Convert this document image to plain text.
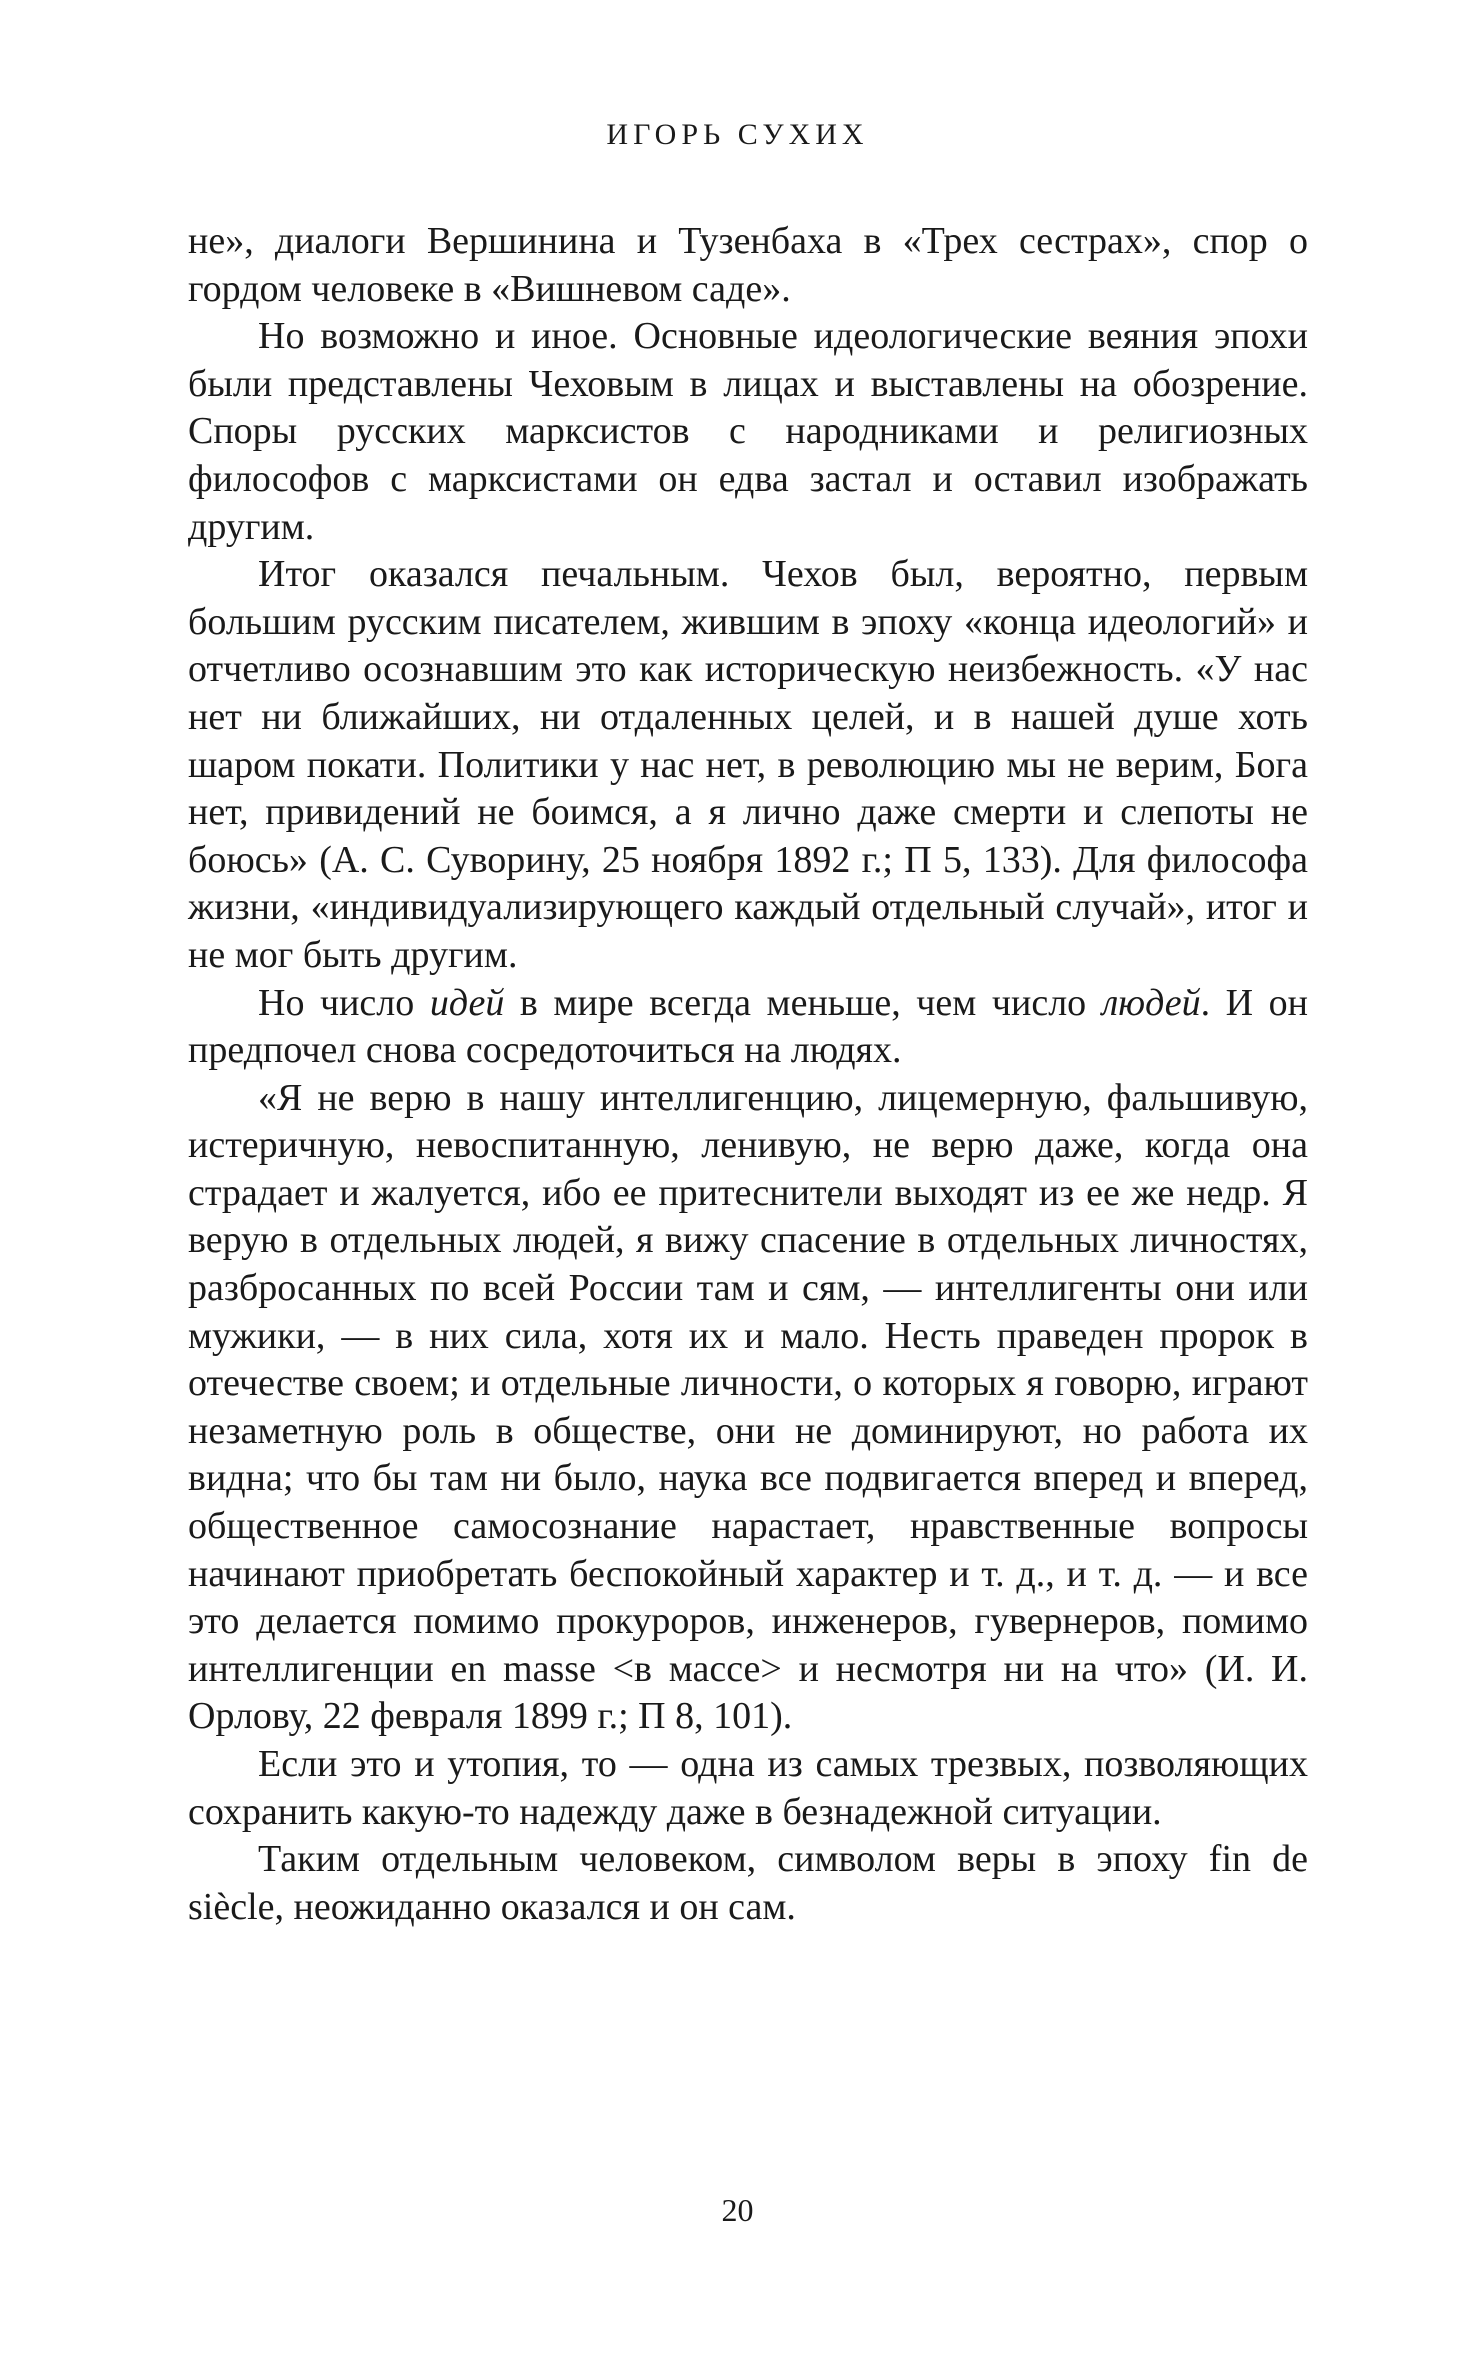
ИГОРЬ СУХИХ

не», диалоги Вершинина и Тузенбаха в «Трех сестрах», спор о гордом человеке в «Вишневом саде».

Но возможно и иное. Основные идеологические веяния эпохи были представлены Чеховым в лицах и выставлены на обозрение. Споры русских марксистов с народниками и религиозных философов с марксистами он едва застал и оставил изображать другим.

Итог оказался печальным. Чехов был, вероятно, первым большим русским писателем, жившим в эпоху «конца идеологий» и отчетливо осознавшим это как историческую неизбежность. «У нас нет ни ближайших, ни отдаленных целей, и в нашей душе хоть шаром покати. Политики у нас нет, в революцию мы не верим, Бога нет, привидений не боимся, а я лично даже смерти и слепоты не боюсь» (А. С. Суворину, 25 ноября 1892 г.; П 5, 133). Для философа жизни, «индивидуализирующего каждый отдельный случай», итог и не мог быть другим.

Но число идей в мире всегда меньше, чем число людей. И он предпочел снова сосредоточиться на людях.

«Я не верю в нашу интеллигенцию, лицемерную, фальшивую, истеричную, невоспитанную, ленивую, не верю даже, когда она страдает и жалуется, ибо ее притеснители выходят из ее же недр. Я верую в отдельных людей, я вижу спасение в отдельных личностях, разбросанных по всей России там и сям, — интеллигенты они или мужики, — в них сила, хотя их и мало. Несть праведен пророк в отечестве своем; и отдельные личности, о которых я говорю, играют незаметную роль в обществе, они не доминируют, но работа их видна; что бы там ни было, наука все подвигается вперед и вперед, общественное самосознание нарастает, нравственные вопросы начинают приобретать беспокойный характер и т. д., и т. д. — и все это делается помимо прокуроров, инженеров, гувернеров, помимо интеллигенции en masse <в массе> и несмотря ни на что» (И. И. Орлову, 22 февраля 1899 г.; П 8, 101).

Если это и утопия, то — одна из самых трезвых, позволяющих сохранить какую-то надежду даже в безнадежной ситуации.

Таким отдельным человеком, символом веры в эпоху fin de siècle, неожиданно оказался и он сам.

20
